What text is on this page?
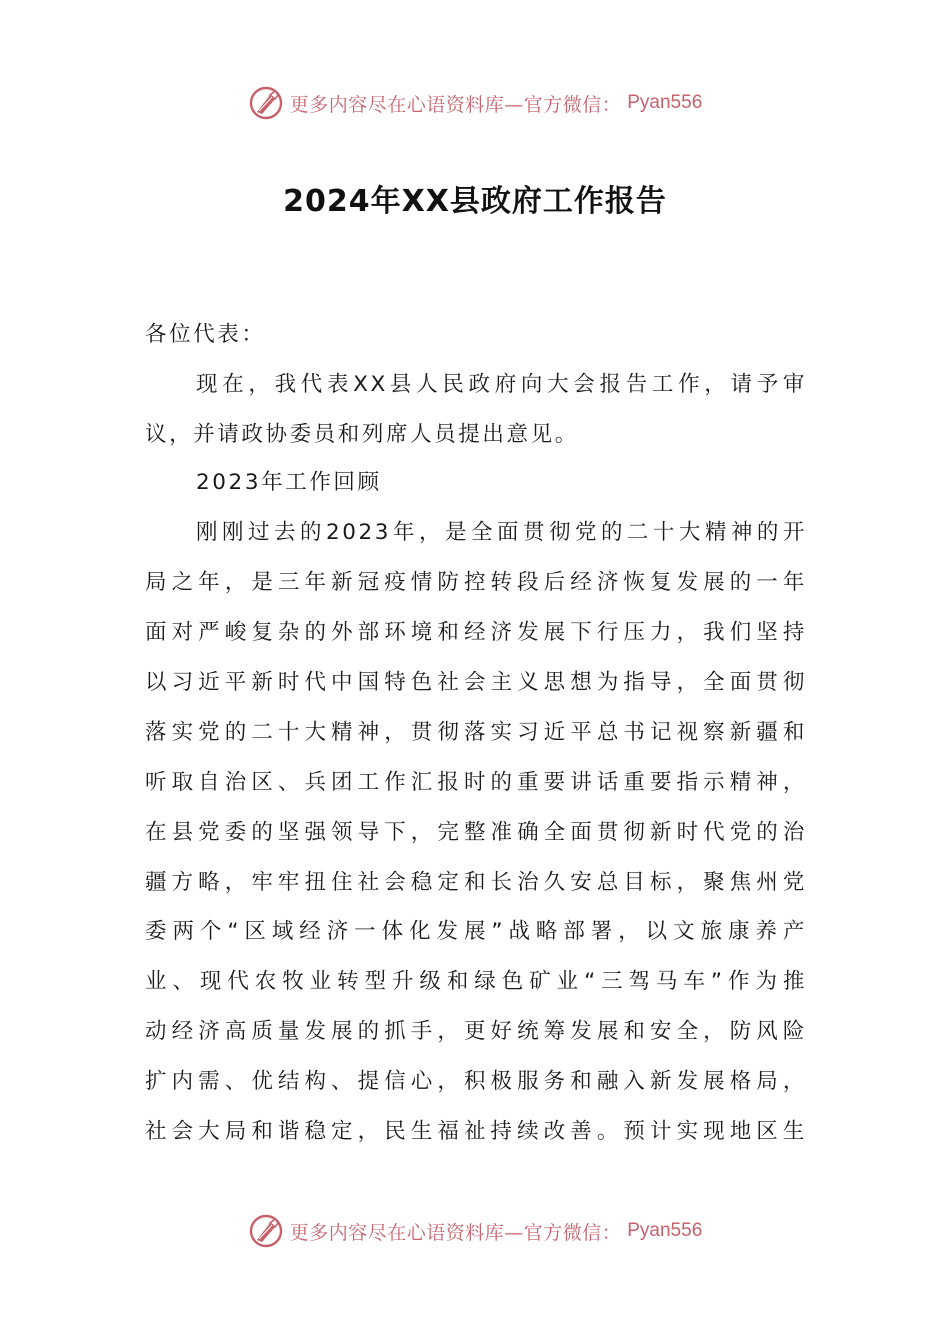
更多内容尽在心语资料库—官方微信： Pyan556
2024年XX县政府工作报告
各位代表：
现在，我代表XX县人民政府向大会报告工作，请予审
议，并请政协委员和列席人员提出意见。
2023年工作回顾
刚刚过去的2023年，是全面贯彻党的二十大精神的开
局之年，是三年新冠疫情防控转段后经济恢复发展的一年
面对严峻复杂的外部环境和经济发展下行压力，我们坚持
以习近平新时代中国特色社会主义思想为指导，全面贯彻
落实党的二十大精神，贯彻落实习近平总书记视察新疆和
听取自治区、兵团工作汇报时的重要讲话重要指示精神，
在县党委的坚强领导下，完整准确全面贯彻新时代党的治
疆方略，牢牢扭住社会稳定和长治久安总目标，聚焦州党
委两个“区域经济一体化发展”战略部署，以文旅康养产
业、现代农牧业转型升级和绿色矿业“三驾马车”作为推
动经济高质量发展的抓手，更好统筹发展和安全，防风险
扩内需、优结构、提信心，积极服务和融入新发展格局，
社会大局和谐稳定，民生福祉持续改善。预计实现地区生
更多内容尽在心语资料库—官方微信： Pyan556
